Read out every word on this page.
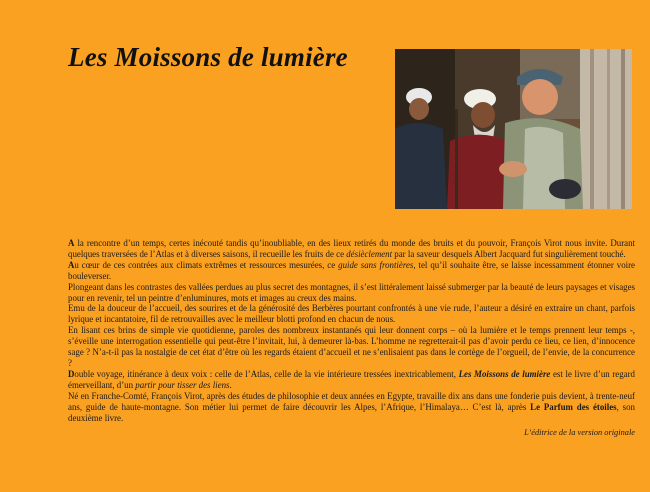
Les Moissons de lumière

A la rencontre d’un temps, certes inécouté tandis qu’inoubliable, en des lieux retirés du monde des bruits et du pouvoir, François Virot nous invite. Durant quelques traversées de l’Atlas et à diverses saisons, il recueille les fruits de ce désièclement par la saveur desquels Albert Jacquard fut singulièrement touché.

Au cœur de ces contrées aux climats extrêmes et ressources mesurées, ce guide sans frontières, tel qu’il souhaite être, se laisse incessamment étonner voire bouleverser.

Plongeant dans les contrastes des vallées perdues au plus secret des montagnes, il s’est littéralement laissé submerger par la beauté de leurs paysages et visages pour en revenir, tel un peintre d’enluminures, mots et images au creux des mains.

Emu de la douceur de l’accueil, des sourires et de la générosité des Berbères pourtant confrontés à une vie rude, l’auteur a désiré en extraire un chant, parfois lyrique et incantatoire, fil de retrouvailles avec le meilleur blotti profond en chacun de nous.

En lisant ces brins de simple vie quotidienne, paroles des nombreux instantanés qui leur donnent corps – où la lumière et le temps prennent leur temps -, s’éveille une interrogation essentielle qui peut-être l’invitait, lui, à demeurer là-bas. L’homme ne regretterait-il pas d’avoir perdu ce lieu, ce lien, d’innocence sage ? N’a-t-il pas la nostalgie de cet état d’être où les regards étaient d’accueil et ne s’enlisaient pas dans le cortège de l’orgueil, de l’envie, de la concurrence ?

Double voyage, itinérance à deux voix : celle de l’Atlas, celle de la vie intérieure tressées inextricablement, Les Moissons de lumière est le livre d’un regard émerveillant, d’un partir pour tisser des liens.

Né en Franche-Comté, François Virot, après des études de philosophie et deux années en Egypte, travaille dix ans dans une fonderie puis devient, à trente-neuf ans, guide de haute-montagne. Son métier lui permet de faire découvrir les Alpes, l’Afrique, l’Himalaya… C’est là, après Le Parfum des étoiles, son deuxième livre.

L’éditrice de la version originale
